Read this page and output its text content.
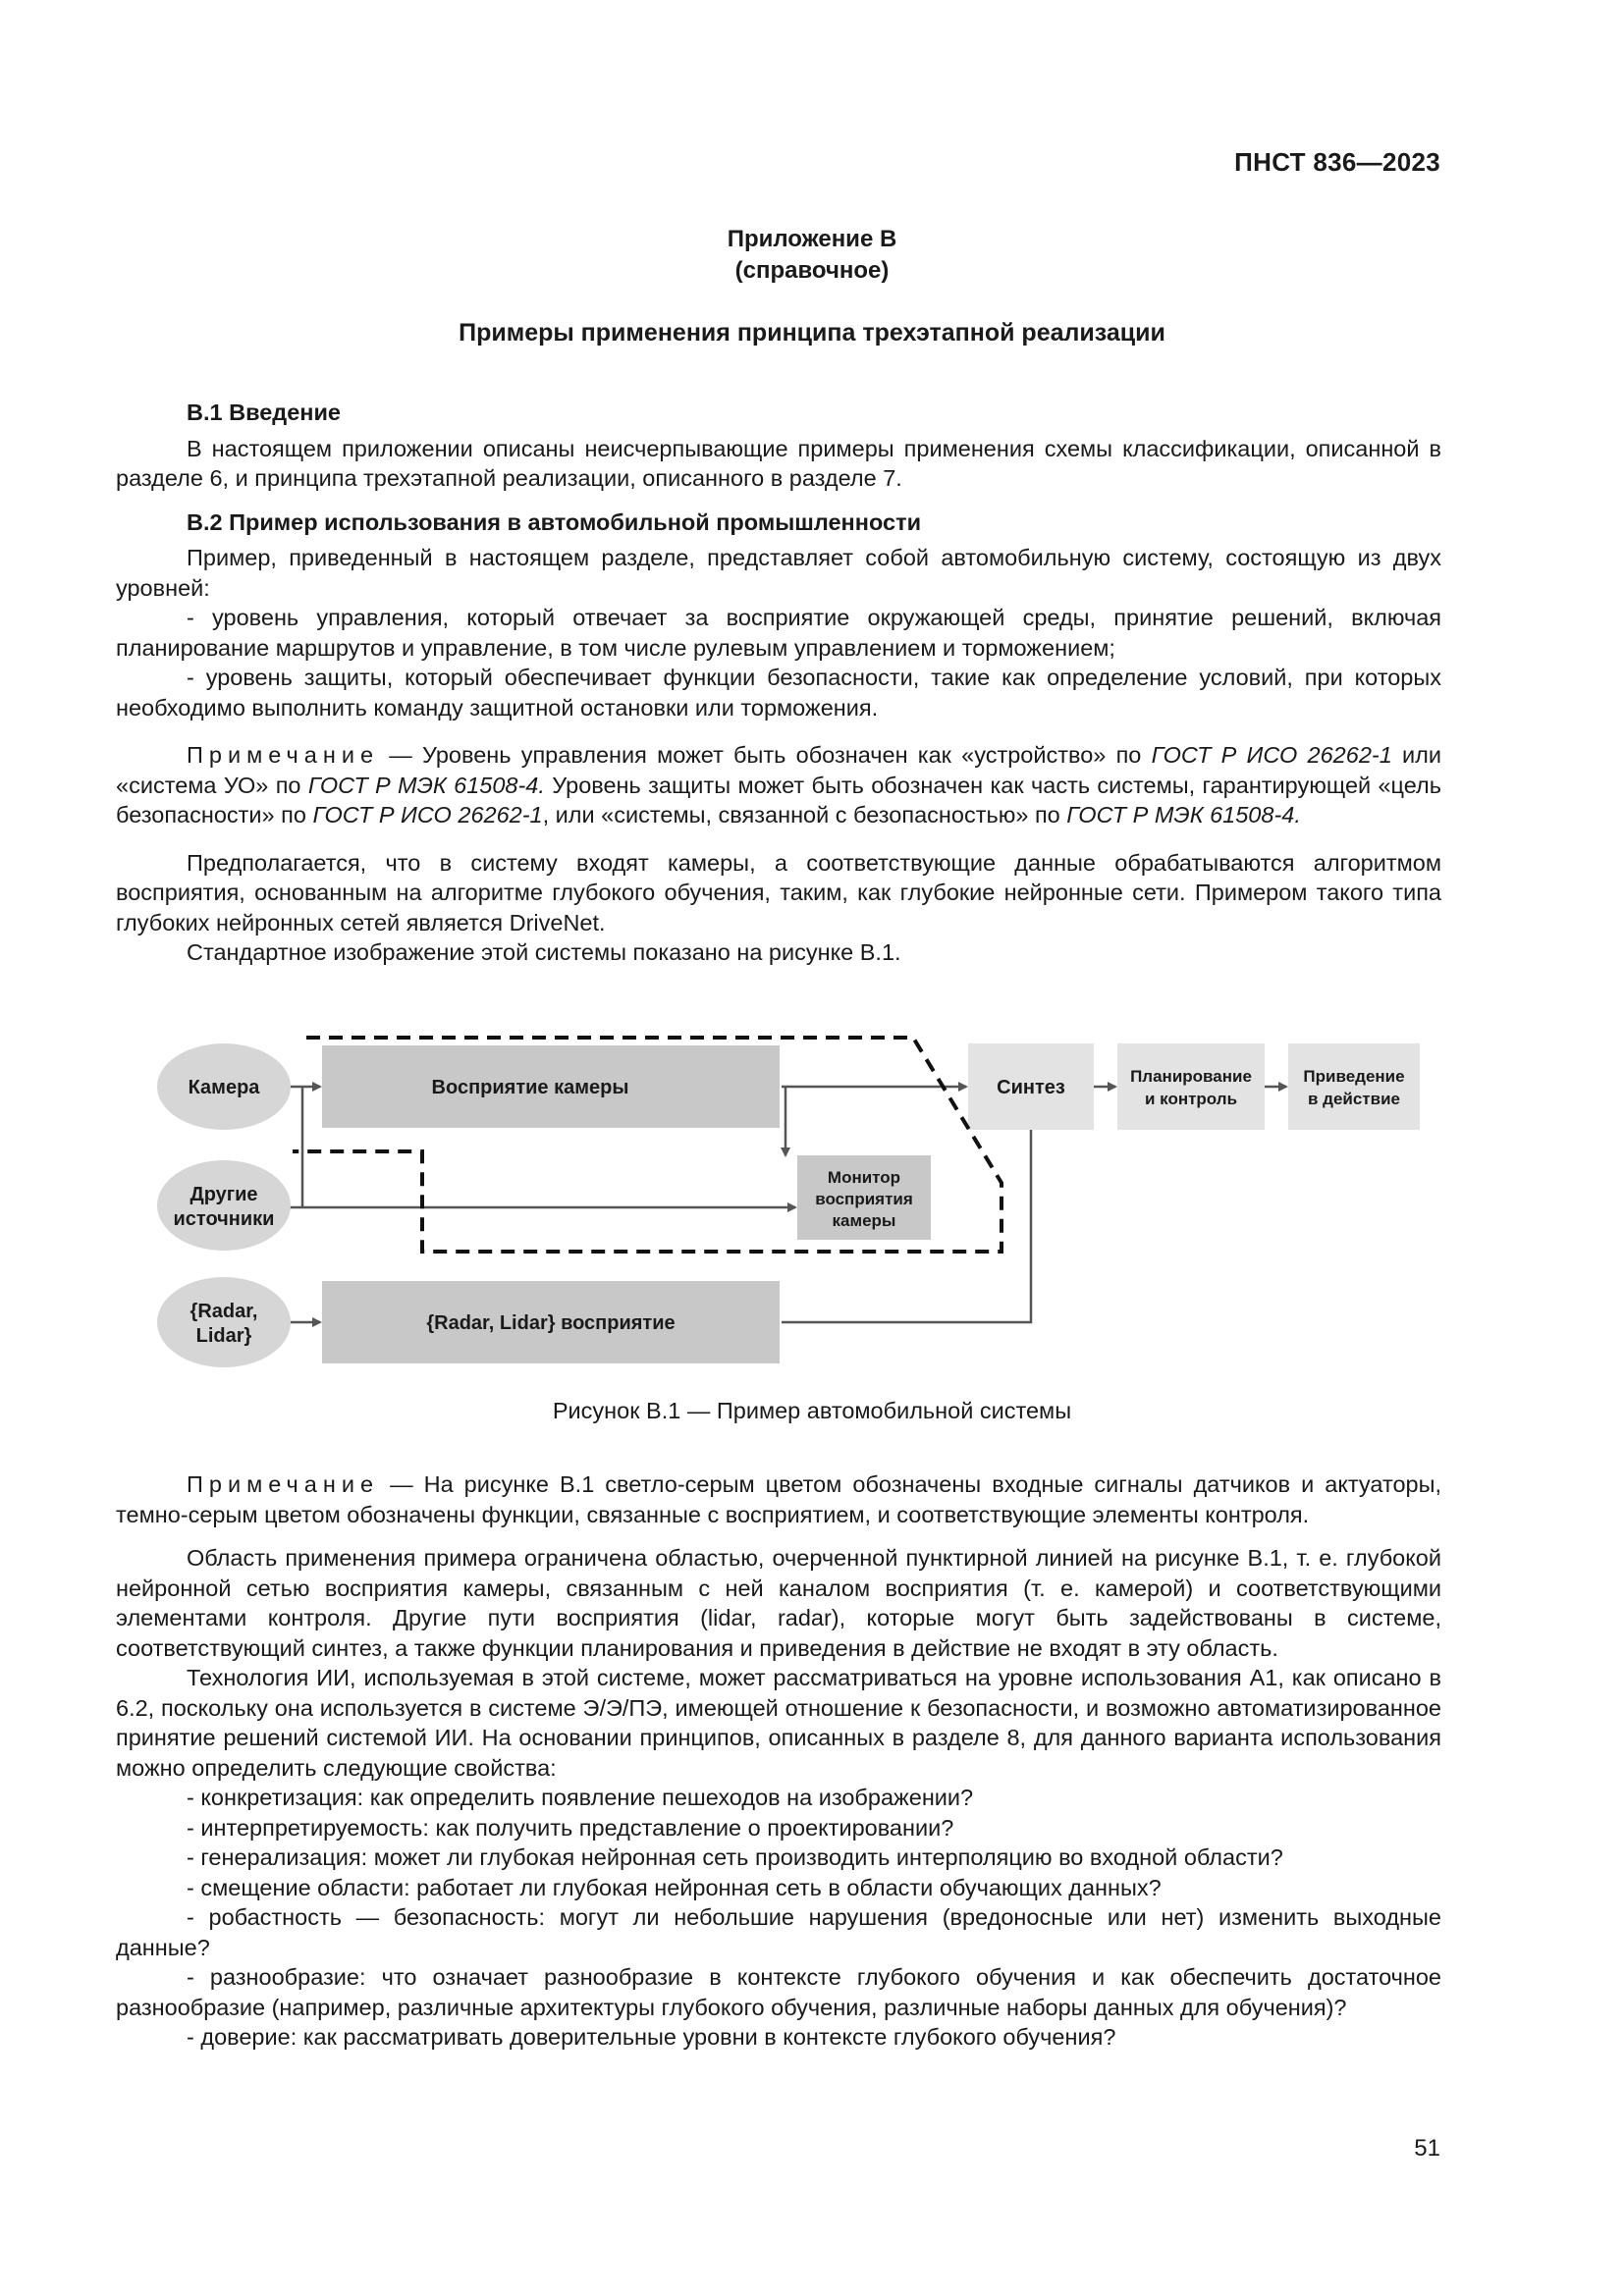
ПНСТ 836—2023
Приложение В
(справочное)
Примеры применения принципа трехэтапной реализации

В.1 Введение

В настоящем приложении описаны неисчерпывающие примеры применения схемы классификации, описанной в разделе 6, и принципа трехэтапной реализации, описанного в разделе 7.

В.2 Пример использования в автомобильной промышленности

Пример, приведенный в настоящем разделе, представляет собой автомобильную систему, состоящую из двух уровней:

- уровень управления, который отвечает за восприятие окружающей среды, принятие решений, включая планирование маршрутов и управление, в том числе рулевым управлением и торможением;

- уровень защиты, который обеспечивает функции безопасности, такие как определение условий, при которых необходимо выполнить команду защитной остановки или торможения.

Примечание — Уровень управления может быть обозначен как «устройство» по ГОСТ Р ИСО 26262-1 или «система УО» по ГОСТ Р МЭК 61508-4. Уровень защиты может быть обозначен как часть системы, гарантирующей «цель безопасности» по ГОСТ Р ИСО 26262-1, или «системы, связанной с безопасностью» по ГОСТ Р МЭК 61508-4.

Предполагается, что в систему входят камеры, а соответствующие данные обрабатываются алгоритмом восприятия, основанным на алгоритме глубокого обучения, таким, как глубокие нейронные сети. Примером такого типа глубоких нейронных сетей является DriveNet.

Стандартное изображение этой системы показано на рисунке В.1.

Камера
Другие
источники
{Radar,
Lidar}
Восприятие камеры
Монитор
восприятия
камеры
{Radar, Lidar} восприятие
Синтез
Планирование
и контроль
Приведение
в действие
Рисунок В.1 — Пример автомобильной системы

Примечание — На рисунке В.1 светло-серым цветом обозначены входные сигналы датчиков и актуаторы, темно-серым цветом обозначены функции, связанные с восприятием, и соответствующие элементы контроля.

Область применения примера ограничена областью, очерченной пунктирной линией на рисунке В.1, т. е. глубокой нейронной сетью восприятия камеры, связанным с ней каналом восприятия (т. е. камерой) и соответствующими элементами контроля. Другие пути восприятия (lidar, radar), которые могут быть задействованы в системе, соответствующий синтез, а также функции планирования и приведения в действие не входят в эту область.

Технология ИИ, используемая в этой системе, может рассматриваться на уровне использования А1, как описано в 6.2, поскольку она используется в системе Э/Э/ПЭ, имеющей отношение к безопасности, и возможно автоматизированное принятие решений системой ИИ. На основании принципов, описанных в разделе 8, для данного варианта использования можно определить следующие свойства:

- конкретизация: как определить появление пешеходов на изображении?

- интерпретируемость: как получить представление о проектировании?

- генерализация: может ли глубокая нейронная сеть производить интерполяцию во входной области?

- смещение области: работает ли глубокая нейронная сеть в области обучающих данных?

- робастность — безопасность: могут ли небольшие нарушения (вредоносные или нет) изменить выходные данные?

- разнообразие: что означает разнообразие в контексте глубокого обучения и как обеспечить достаточное разнообразие (например, различные архитектуры глубокого обучения, различные наборы данных для обучения)?

- доверие: как рассматривать доверительные уровни в контексте глубокого обучения?

51
